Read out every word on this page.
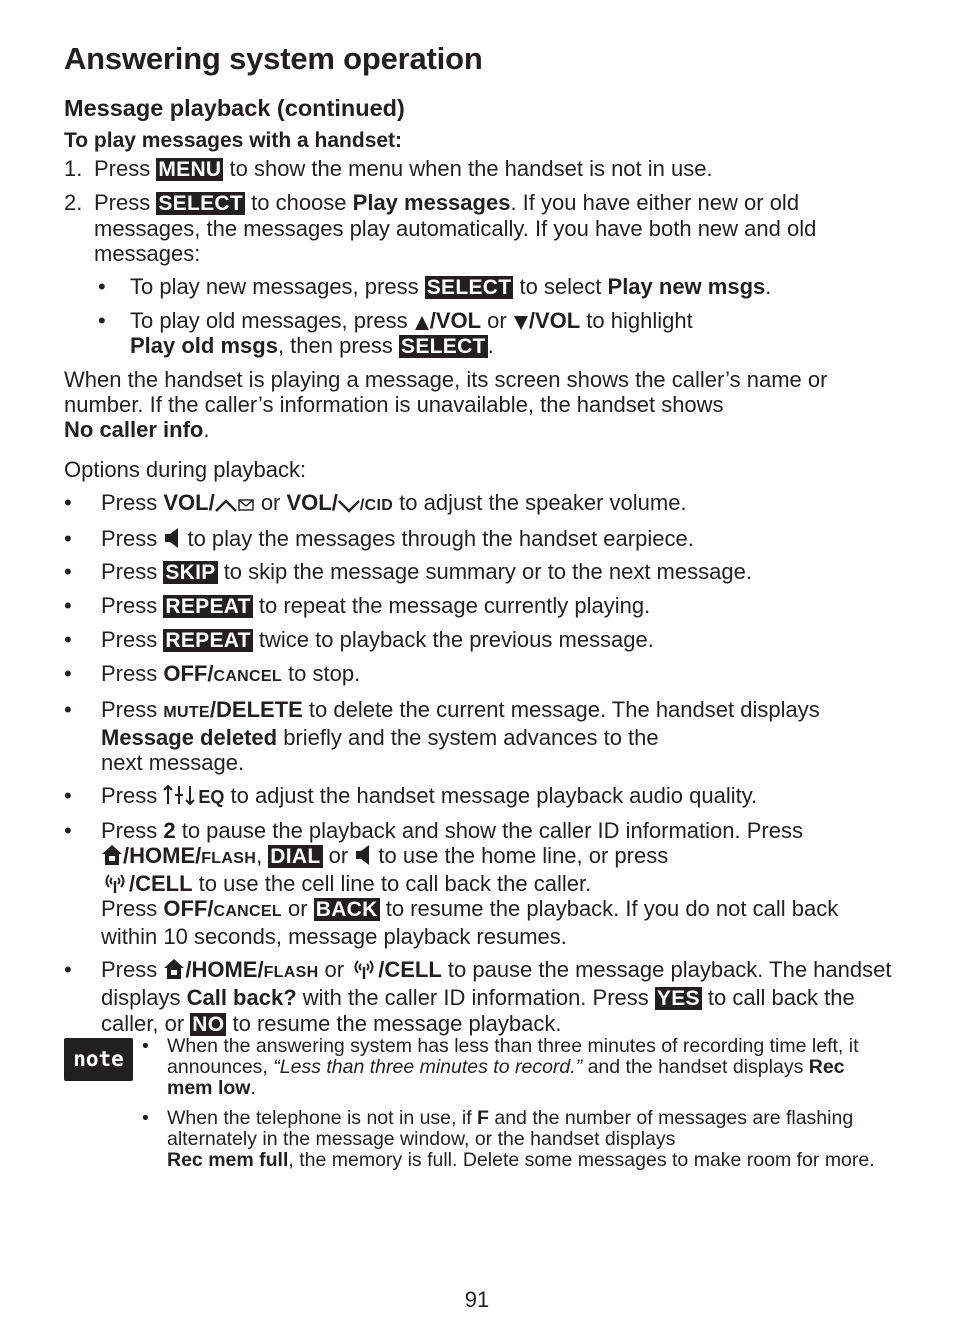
Answering system operation
Message playback (continued)
To play messages with a handset:
1. Press MENU to show the menu when the handset is not in use.
2. Press SELECT to choose Play messages. If you have either new or old messages, the messages play automatically. If you have both new and old messages:
• To play new messages, press SELECT to select Play new msgs.
• To play old messages, press /VOL or /VOL to highlight
Play old msgs, then press SELECT.

When the handset is playing a message, its screen shows the caller’s name or number. If the caller’s information is unavailable, the handset shows
No caller info.

Options during playback:

• Press VOL/ or VOL/ /CID to adjust the speaker volume.
• Press  to play the messages through the handset earpiece.
• Press SKIP to skip the message summary or to the next message.
• Press REPEAT to repeat the message currently playing.
• Press REPEAT twice to playback the previous message.
• Press OFF/CANCEL to stop.
• Press MUTE/DELETE to delete the current message. The handset displays
Message deleted briefly and the system advances to the
next message.
• Press EQ to adjust the handset message playback audio quality.
• Press 2 to pause the playback and show the caller ID information. Press
/HOME/FLASH, DIAL or  to use the home line, or press
/CELL to use the cell line to call back the caller.
Press OFF/CANCEL or BACK to resume the playback. If you do not call back within 10 seconds, message playback resumes.
• Press /HOME/FLASH or /CELL to pause the message playback. The handset displays Call back? with the caller ID information. Press YES to call back the caller, or NO to resume the message playback.
note
• When the answering system has less than three minutes of recording time left, it announces, “Less than three minutes to record.” and the handset displays Rec mem low.
• When the telephone is not in use, if F and the number of messages are flashing alternately in the message window, or the handset displays
Rec mem full, the memory is full. Delete some messages to make room for more.
91
